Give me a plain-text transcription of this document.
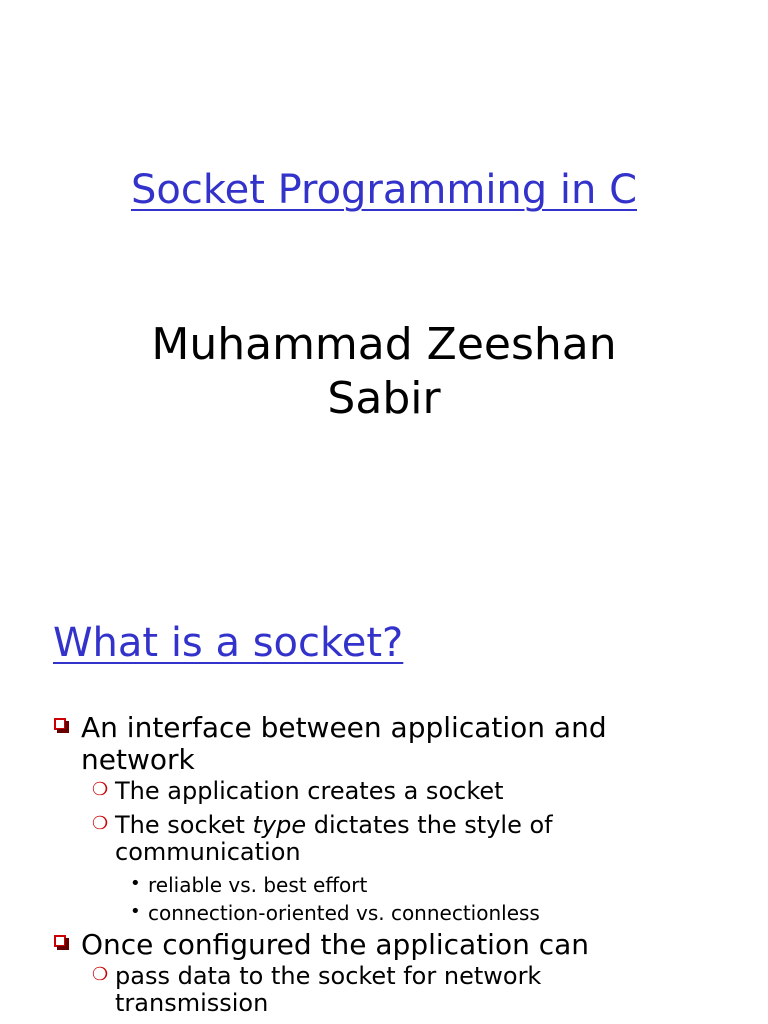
Socket Programming in C
Muhammad Zeeshan
Sabir
What is a socket?
An interface between application and
network
❍ The application creates a socket
❍ The socket type dictates the style of
communication
• reliable vs. best effort
• connection-oriented vs. connectionless
Once configured the application can
❍ pass data to the socket for network
transmission
